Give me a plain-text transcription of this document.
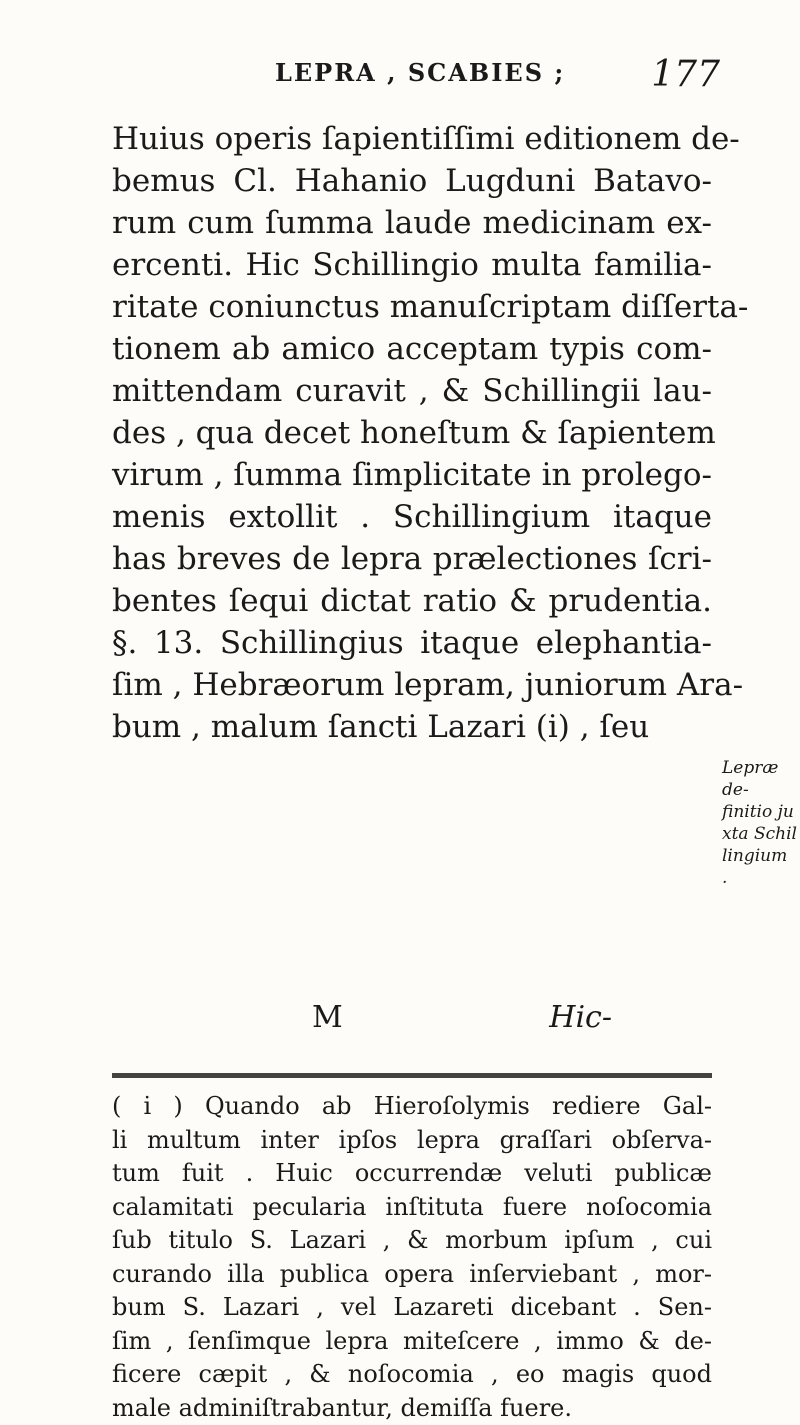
LEPRA , SCABIES ; 177
Huius operis ſapientiſſimi editionem de-
bemus Cl. Hahanio Lugduni Batavo-
rum cum ſumma laude medicinam ex-
ercenti. Hic Schillingio multa familia-
ritate coniunctus manuſcriptam diſſerta-
tionem ab amico acceptam typis com-
mittendam curavit , & Schillingii lau-
des , qua decet honeſtum & ſapientem
virum , ſumma ſimplicitate in prolego-
menis extollit . Schillingium itaque
has breves de lepra prælectiones ſcri-
bentes ſequi dictat ratio & prudentia.
§. 13. Schillingius itaque elephantia-
ſim , Hebræorum lepram, juniorum Ara-
bum , malum ſancti Lazari (i) , ſeu
Lepræ de-
finitio ju
xta Schil
lingium .
M	Hic-
( i ) Quando ab Hieroſolymis rediere Gal-
li multum inter ipſos lepra graſſari obſerva-
tum fuit . Huic occurrendæ veluti publicæ
calamitati pecularia inſtituta fuere noſocomia
ſub titulo S. Lazari , & morbum ipſum , cui
curando illa publica opera inſerviebant , mor-
bum S. Lazari , vel Lazareti dicebant . Sen-
ſim , ſenſimque lepra miteſcere , immo & de-
ficere cæpit , & noſocomia , eo magis quod
male adminiſtrabantur, demiſſa fuere.
